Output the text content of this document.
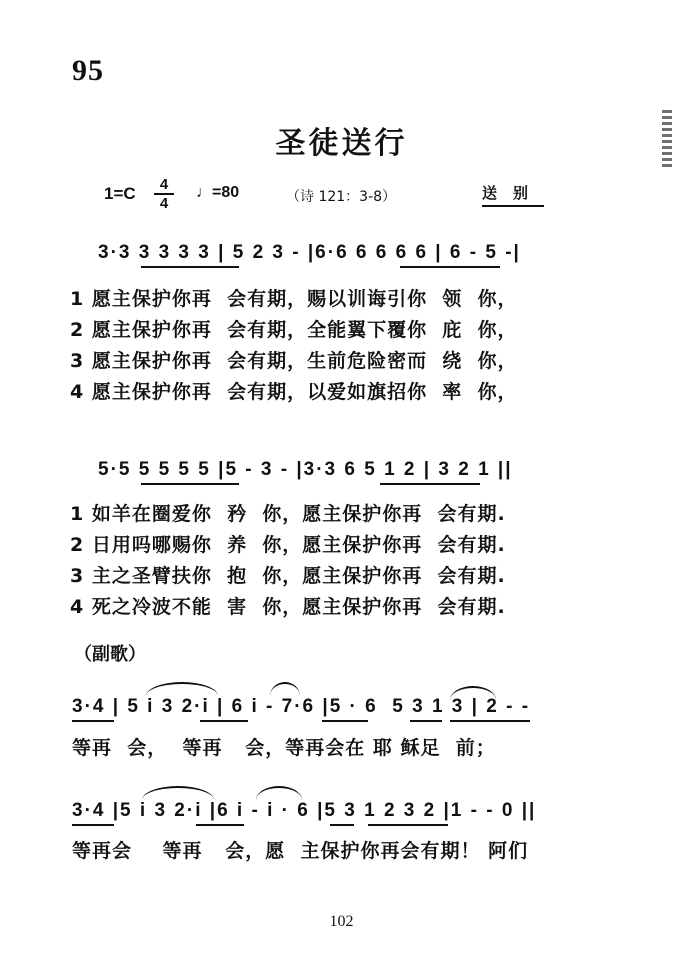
95
圣徒送行
1=C	4
4
♩=80	（诗 121：3-8）	送别
3·3 3 3 3 3 | 5 2 3 - |6·6 6 6 6 6 | 6 - 5 -|
1 愿主保护你再  会有期，赐以训诲引你  领  你，
2 愿主保护你再  会有期，全能翼下覆你  庇  你，
3 愿主保护你再  会有期，生前危险密而  绕  你，
4 愿主保护你再  会有期，以爱如旗招你  率  你，
5·5 5 5 5 5 |5 - 3 - |3·3 6 5 1 2 | 3 2 1 ||
1 如羊在圈爱你  矜  你，愿主保护你再  会有期.
2 日用吗哪赐你  养  你，愿主保护你再  会有期.
3 主之圣臂扶你  抱  你，愿主保护你再  会有期.
4 死之冷波不能  害  你，愿主保护你再  会有期.
（副歌）
3·4 | 5 i 3 2·i | 6 i - 7·6 |5 · 6  5 3 1 3 | 2 - -
等再  会，  等再   会，等再会在 耶 稣足  前；
3·4 |5 i 3 2·i |6 i - i · 6 |5 3 1 2 3 2 |1 - - 0 ||
等再会    等再   会，愿  主保护你再会有期！ 阿们
102
